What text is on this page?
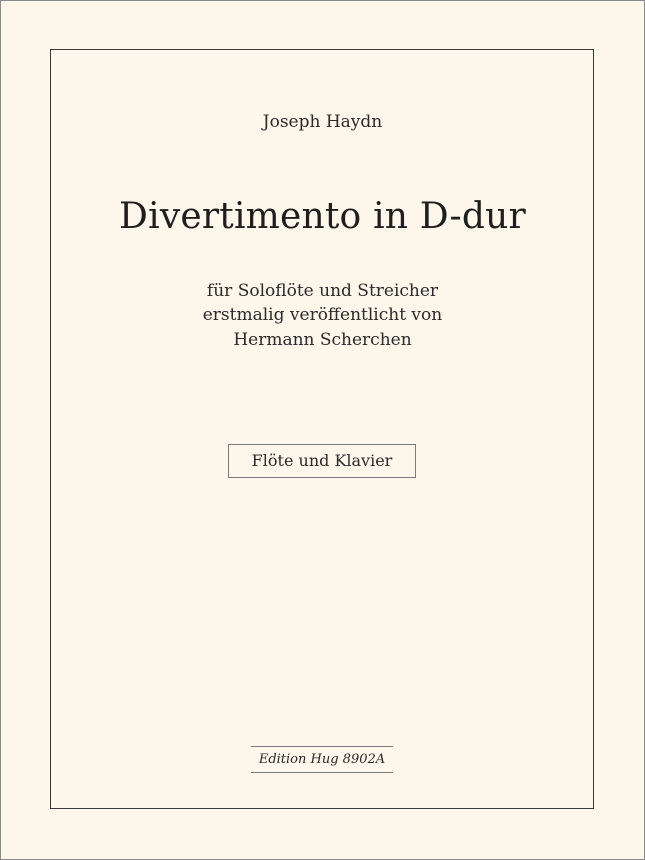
Joseph Haydn
Divertimento in D-dur
für Soloflöte und Streicher
erstmalig veröffentlicht von
Hermann Scherchen
Flöte und Klavier
Edition Hug 8902A
